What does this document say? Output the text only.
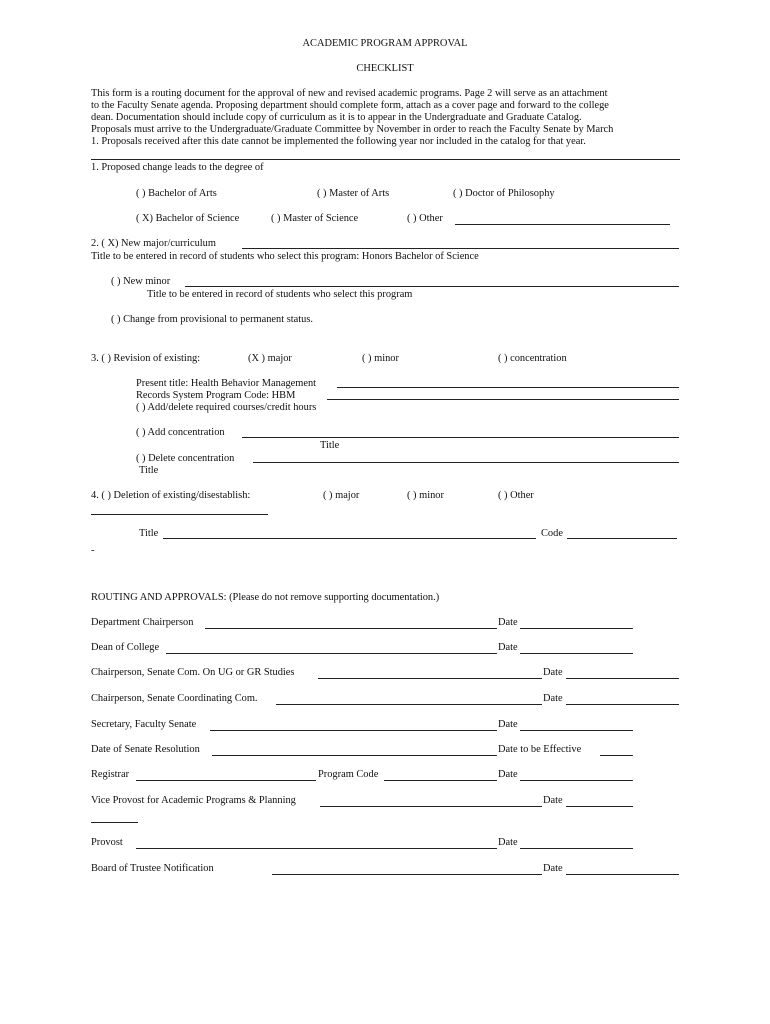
ACADEMIC PROGRAM APPROVAL
CHECKLIST
This form is a routing document for the approval of new and revised academic programs. Page 2 will serve as an attachment
to the Faculty Senate agenda. Proposing department should complete form, attach as a cover page and forward to the college
dean. Documentation should include copy of curriculum as it is to appear in the Undergraduate and Graduate Catalog.
Proposals must arrive to the Undergraduate/Graduate Committee by November in order to reach the Faculty Senate by March
1. Proposals received after this date cannot be implemented the following year nor included in the catalog for that year.
1. Proposed change leads to the degree of
( ) Bachelor of Arts	( ) Master of Arts	( ) Doctor of Philosophy
( X) Bachelor of Science	( ) Master of Science	( ) Other
2. ( X) New major/curriculum
Title to be entered in record of students who select this program: Honors Bachelor of Science
( ) New minor
Title to be entered in record of students who select this program
( ) Change from provisional to permanent status.
3. ( ) Revision of existing:	(X ) major	( ) minor	( ) concentration
Present title: Health Behavior Management
Records System Program Code: HBM
( ) Add/delete required courses/credit hours
( ) Add concentration
Title
( ) Delete concentration
Title
4. ( ) Deletion of existing/disestablish:	( ) major	( ) minor	( ) Other
Title	Code
-
ROUTING AND APPROVALS: (Please do not remove supporting documentation.)
Department Chairperson	Date
Dean of College	Date
Chairperson, Senate Com. On UG or GR Studies	Date
Chairperson, Senate Coordinating Com.	Date
Secretary, Faculty Senate	Date
Date of Senate Resolution	Date to be Effective
Registrar	Program Code	Date
Vice Provost for Academic Programs & Planning	Date
Provost	Date
Board of Trustee Notification	Date
